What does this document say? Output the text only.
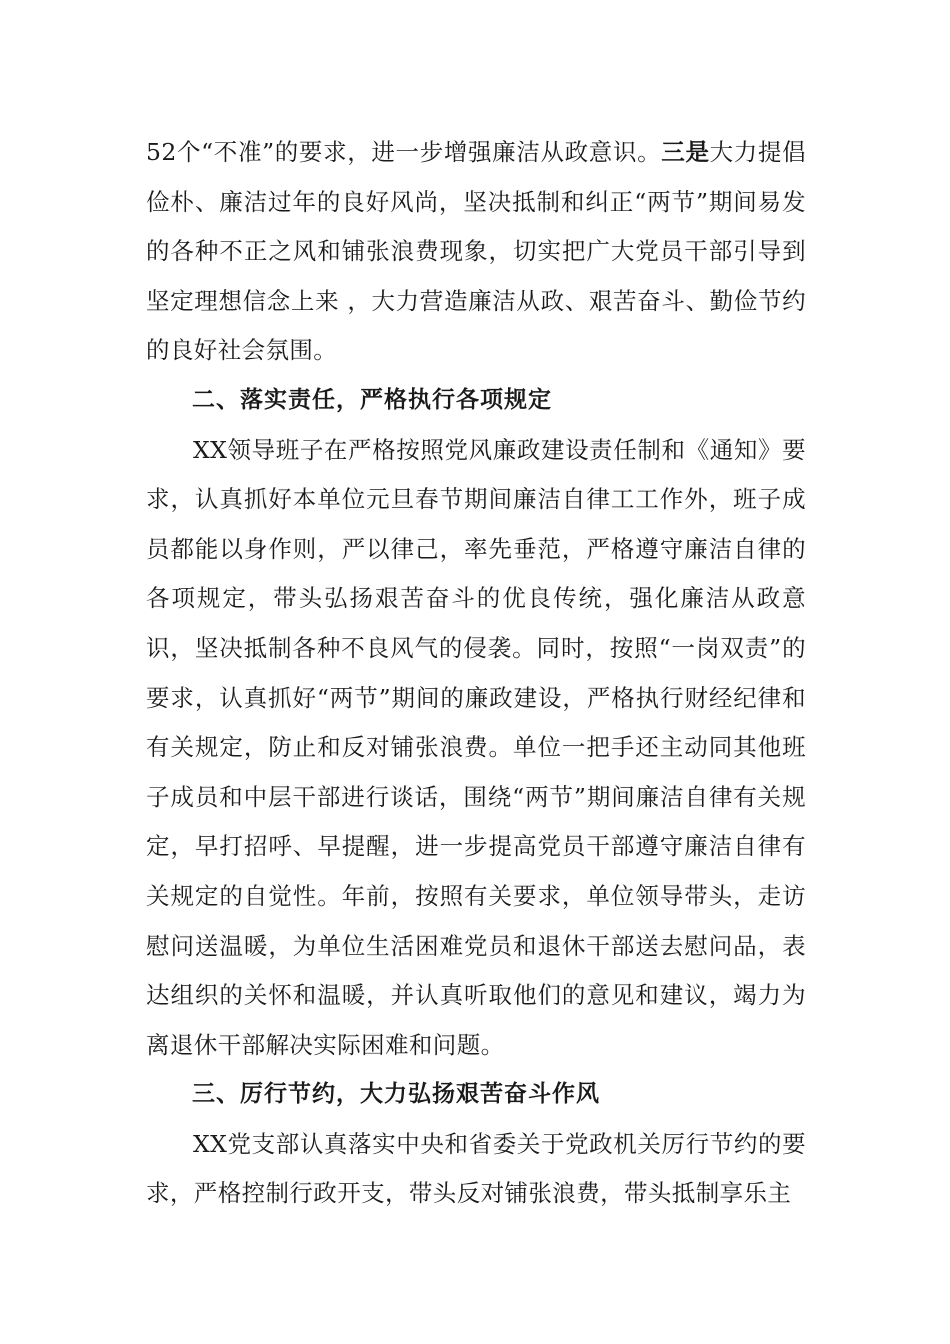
52个“不准”的要求，进一步增强廉洁从政意识。三是大力提倡俭朴、廉洁过年的良好风尚，坚决抵制和纠正“两节”期间易发的各种不正之风和铺张浪费现象，切实把广大党员干部引导到坚定理想信念上来 ，大力营造廉洁从政、艰苦奋斗、勤俭节约的良好社会氛围。

二、落实责任，严格执行各项规定

XX领导班子在严格按照党风廉政建设责任制和《通知》要求，认真抓好本单位元旦春节期间廉洁自律工工作外，班子成员都能以身作则，严以律己，率先垂范，严格遵守廉洁自律的各项规定，带头弘扬艰苦奋斗的优良传统，强化廉洁从政意识，坚决抵制各种不良风气的侵袭。同时，按照“一岗双责”的要求，认真抓好“两节”期间的廉政建设，严格执行财经纪律和有关规定，防止和反对铺张浪费。单位一把手还主动同其他班子成员和中层干部进行谈话，围绕“两节”期间廉洁自律有关规定，早打招呼、早提醒，进一步提高党员干部遵守廉洁自律有关规定的自觉性。年前，按照有关要求，单位领导带头，走访慰问送温暖，为单位生活困难党员和退休干部送去慰问品，表达组织的关怀和温暖，并认真听取他们的意见和建议，竭力为离退休干部解决实际困难和问题。

三、厉行节约，大力弘扬艰苦奋斗作风

XX党支部认真落实中央和省委关于党政机关厉行节约的要求，严格控制行政开支，带头反对铺张浪费，带头抵制享乐主
